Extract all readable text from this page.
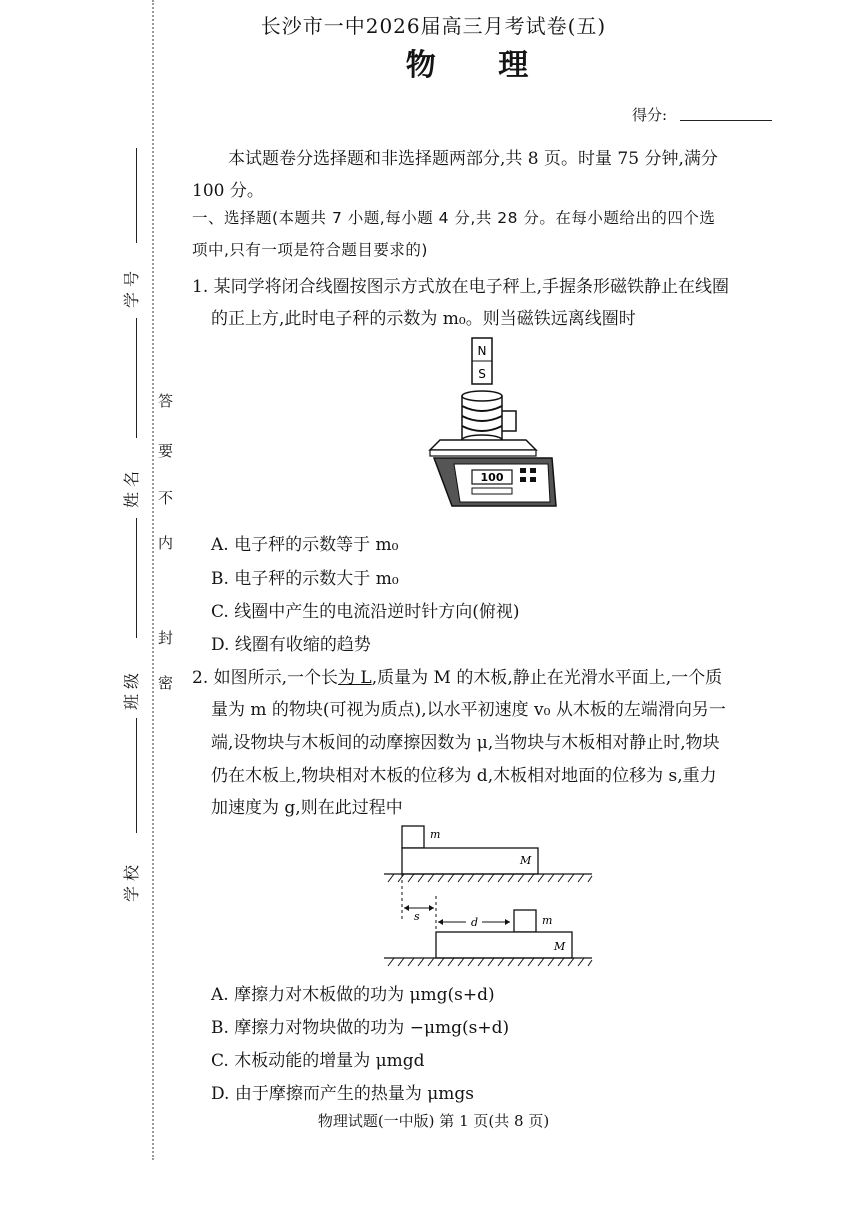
学 号
姓 名
班 级
学 校
答
要
不
内
封
密
长沙市一中2026届高三月考试卷(五)
物 理
得分:
本试题卷分选择题和非选择题两部分,共 8 页。时量 75 分钟,满分
100 分。
一、选择题(本题共 7 小题,每小题 4 分,共 28 分。在每小题给出的四个选
项中,只有一项是符合题目要求的)
1. 某同学将闭合线圈按图示方式放在电子秤上,手握条形磁铁静止在线圈
的正上方,此时电子秤的示数为 m₀。则当磁铁远离线圈时
N
S
100
A. 电子秤的示数等于 m₀
B. 电子秤的示数大于 m₀
C. 线圈中产生的电流沿逆时针方向(俯视)
D. 线圈有收缩的趋势
2. 如图所示,一个长为 L,质量为 M 的木板,静止在光滑水平面上,一个质
量为 m 的物块(可视为质点),以水平初速度 v₀ 从木板的左端滑向另一
端,设物块与木板间的动摩擦因数为 μ,当物块与木板相对静止时,物块
仍在木板上,物块相对木板的位移为 d,木板相对地面的位移为 s,重力
加速度为 g,则在此过程中
m
M
s	d	m
M
A. 摩擦力对木板做的功为 μmg(s+d)
B. 摩擦力对物块做的功为 −μmg(s+d)
C. 木板动能的增量为 μmgd
D. 由于摩擦而产生的热量为 μmgs
物理试题(一中版) 第 1 页(共 8 页)
